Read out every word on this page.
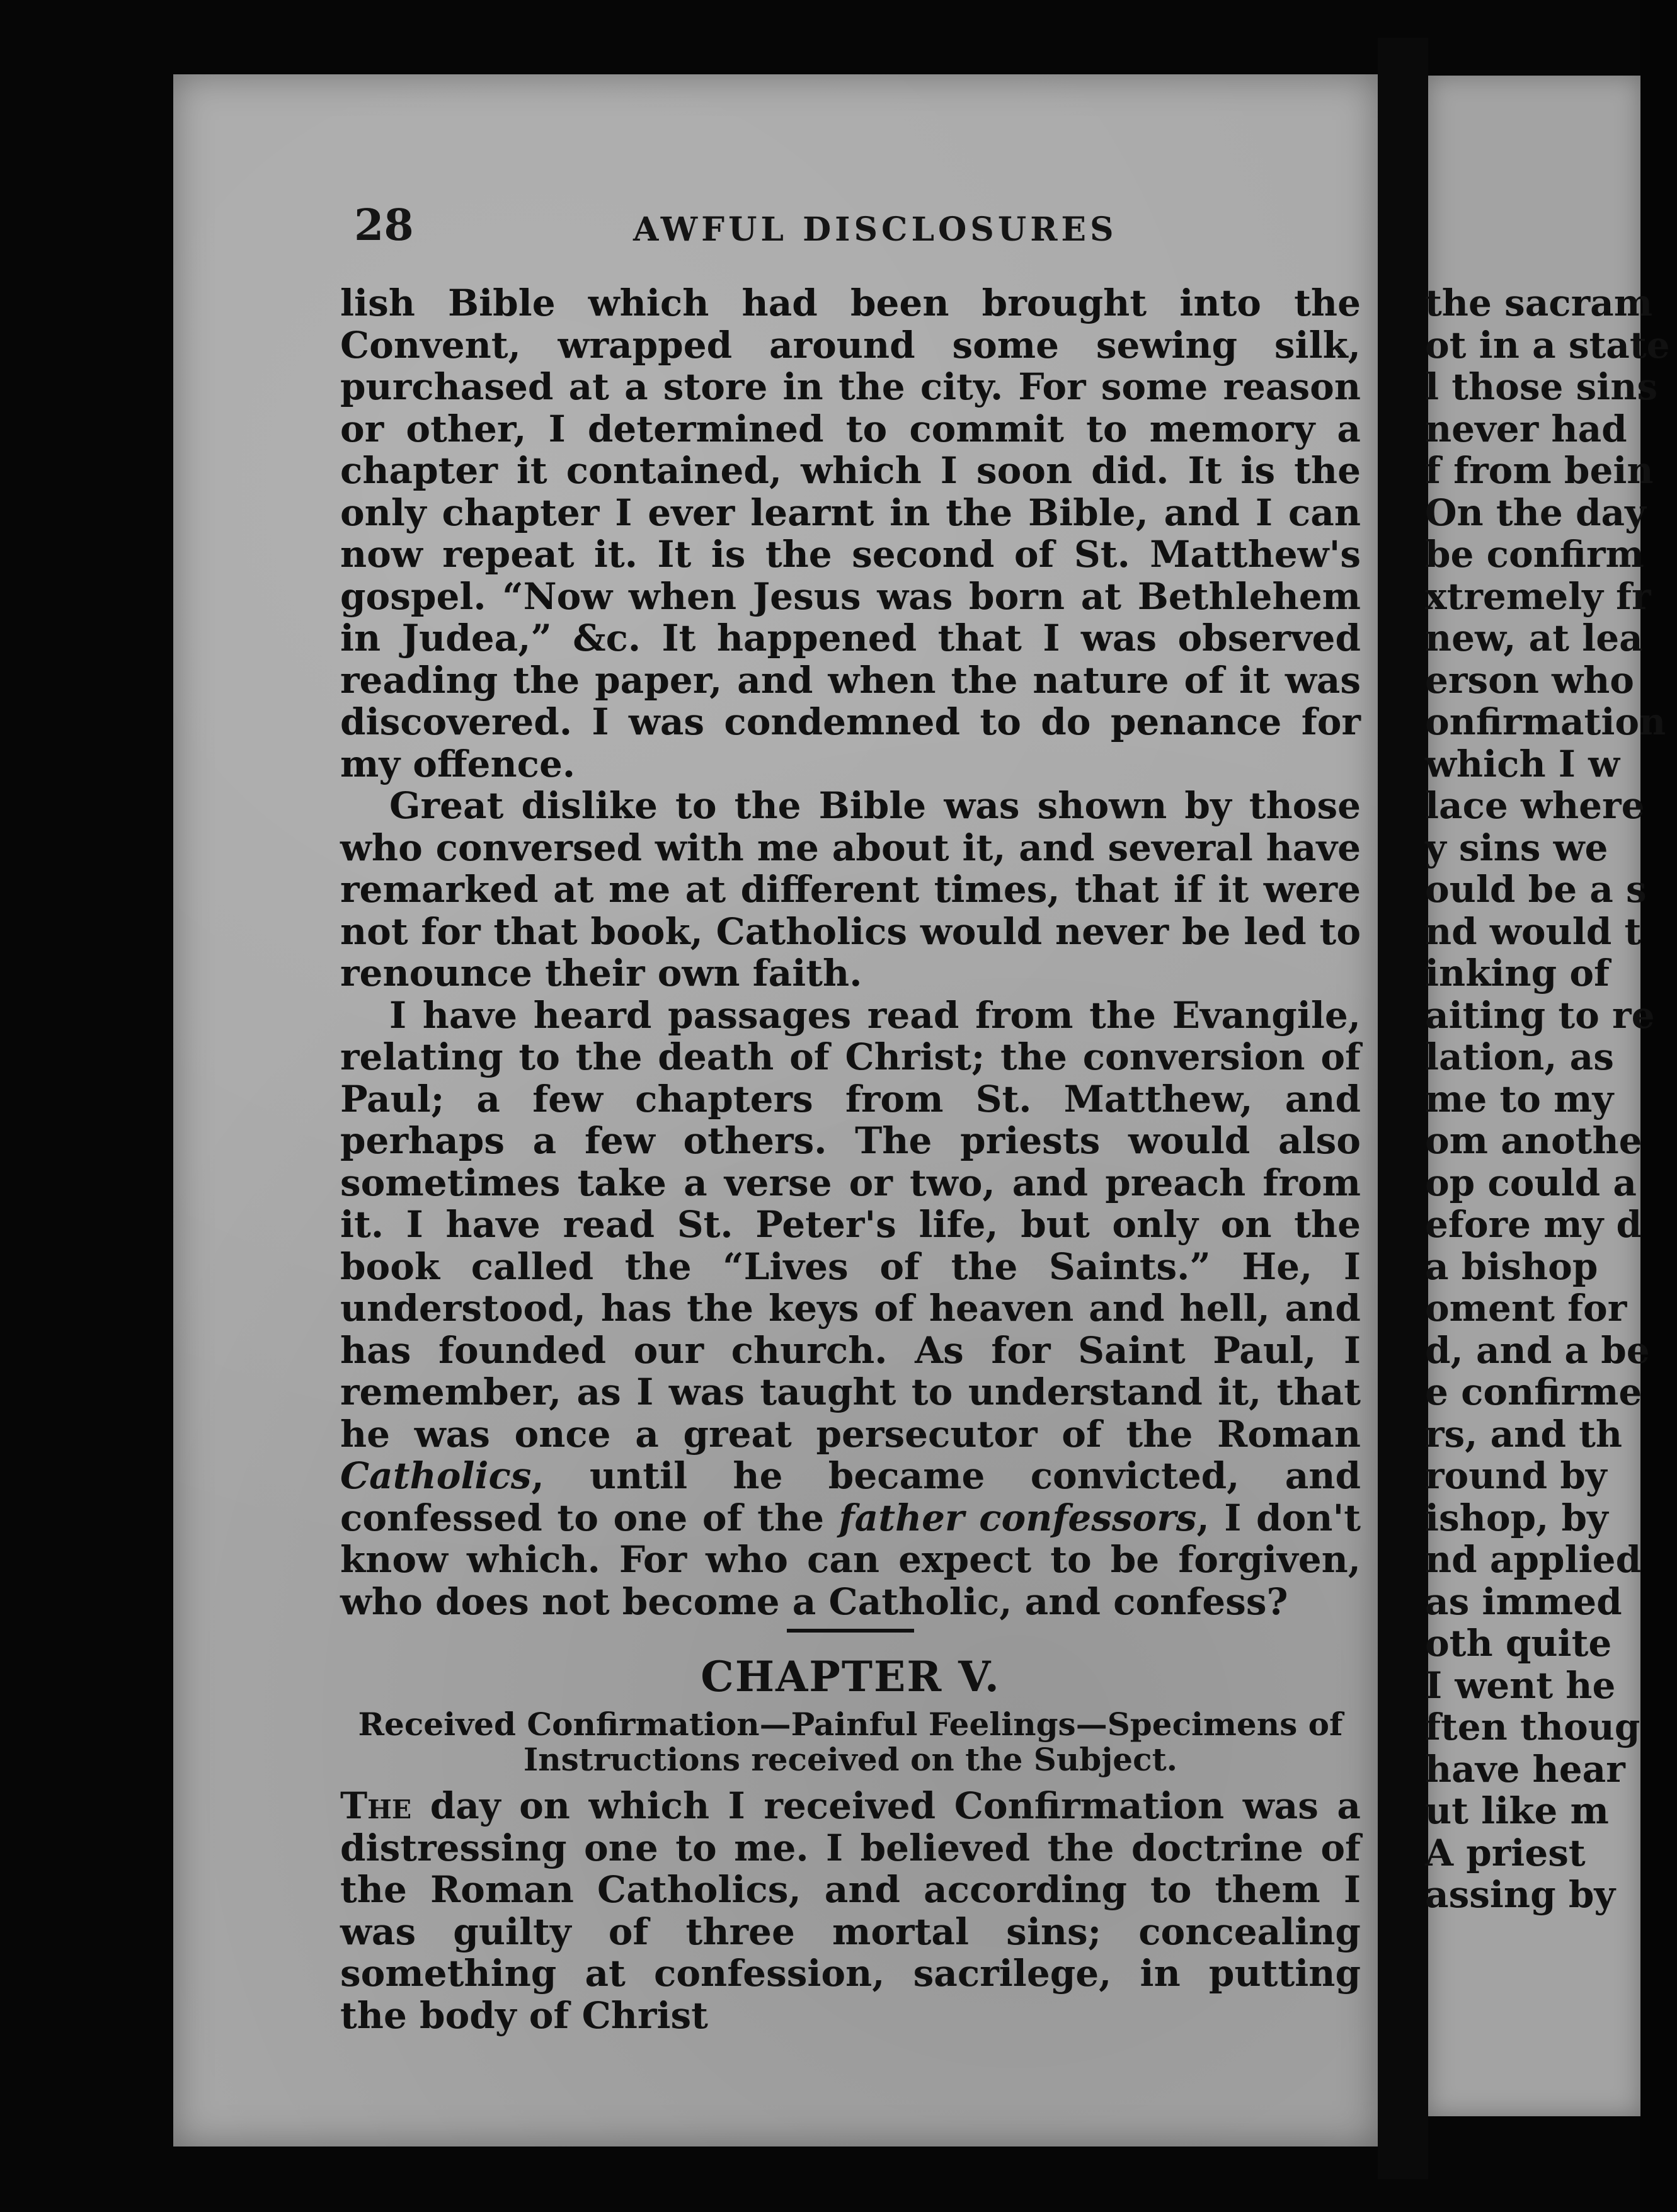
28	AWFUL DISCLOSURES

lish Bible which had been brought into the Convent, wrapped around some sewing silk, purchased at a store in the city. For some reason or other, I determined to commit to memory a chapter it contained, which I soon did. It is the only chapter I ever learnt in the Bible, and I can now repeat it. It is the second of St. Matthew's gospel. “Now when Jesus was born at Bethlehem in Judea,” &c. It happened that I was observed reading the paper, and when the nature of it was discovered. I was condemned to do penance for my offence.

Great dislike to the Bible was shown by those who conversed with me about it, and several have remarked at me at different times, that if it were not for that book, Catholics would never be led to renounce their own faith.

I have heard passages read from the Evangile, relating to the death of Christ; the conversion of Paul; a few chapters from St. Matthew, and perhaps a few others. The priests would also sometimes take a verse or two, and preach from it. I have read St. Peter's life, but only on the book called the “Lives of the Saints.” He, I understood, has the keys of heaven and hell, and has founded our church. As for Saint Paul, I remember, as I was taught to understand it, that he was once a great persecutor of the Roman Catholics, until he became convicted, and confessed to one of the father confessors, I don't know which. For who can expect to be forgiven, who does not become a Catholic, and confess?

CHAPTER V.
Received Confirmation—Painful Feelings—Specimens of Instructions received on the Subject.

The day on which I received Confirmation was a distressing one to me. I believed the doctrine of the Roman Catholics, and according to them I was guilty of three mortal sins; concealing something at confession, sacrilege, in putting the body of Christ

the sacram
ot in a state
l those sins
never had
f from bein
On the day
be confirm
xtremely fr
new, at lea
erson who
onfirmation
which I w
lace where
y sins we
ould be a s
nd would t
inking of
aiting to re
lation, as
me to my
om anothe
op could a
efore my d
a bishop
oment for
d, and a be
e confirme
rs, and th
round by
ishop, by
nd applied
as immed
oth quite
I went he
ften thoug
have hear
ut like m
A priest
assing by
